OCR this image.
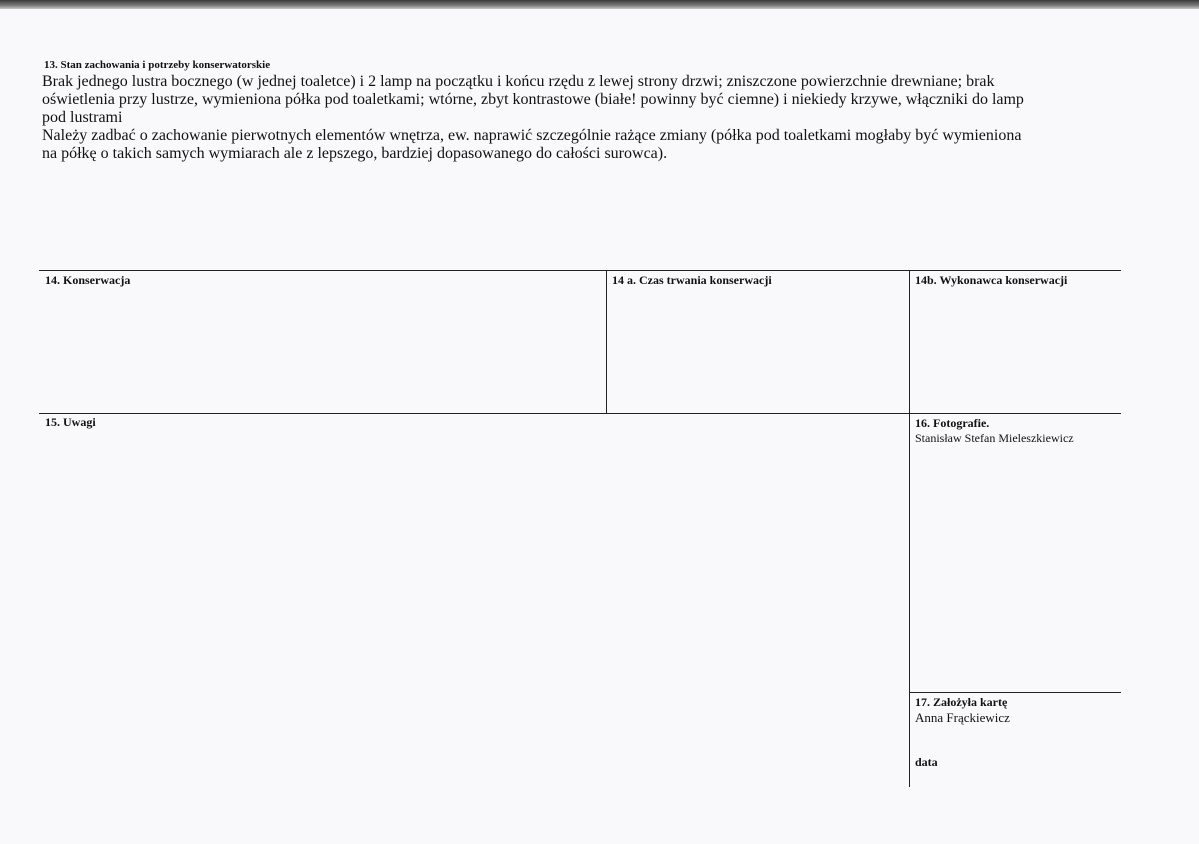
13. Stan zachowania i potrzeby konserwatorskie

Brak jednego lustra bocznego (w jednej toaletce) i 2 lamp na początku i końcu rzędu z lewej strony drzwi; zniszczone powierzchnie drewniane; brak

oświetlenia przy lustrze, wymieniona półka pod toaletkami; wtórne, zbyt kontrastowe (białe! powinny być ciemne) i niekiedy krzywe, włączniki do lamp

pod lustrami

Należy zadbać o zachowanie pierwotnych elementów wnętrza, ew. naprawić szczególnie rażące zmiany (półka pod toaletkami mogłaby być wymieniona

na półkę o takich samych wymiarach ale z lepszego, bardziej dopasowanego do całości surowca).

14. Konserwacja	14 a. Czas trwania konserwacji	14b. Wykonawca konserwacji
15. Uwagi	16. Fotografie.
Stanisław Stefan Mieleszkiewicz
17. Założyła kartę
Anna Frąckiewicz
data
